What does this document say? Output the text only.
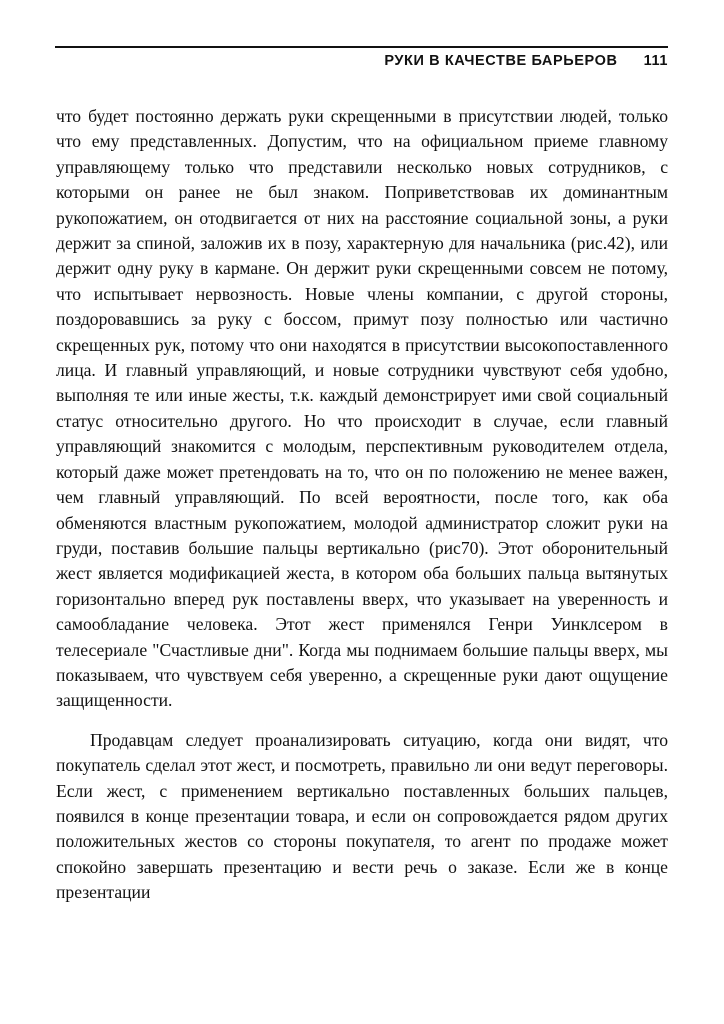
РУКИ В КАЧЕСТВЕ БАРЬЕРОВ 111

что будет постоянно держать руки скрещенными в присутствии людей, только что ему представленных. Допустим, что на официальном приеме главному управляющему только что представили несколько новых сотрудников, с которыми он ранее не был знаком. Поприветствовав их доминантным рукопожатием, он отодвигается от них на расстояние социальной зоны, а руки держит за спиной, заложив их в позу, характерную для начальника (рис.42), или держит одну руку в кармане. Он держит руки скрещенными совсем не потому, что испытывает нервозность. Новые члены компании, с другой стороны, поздоровавшись за руку с боссом, примут позу полностью или частично скрещенных рук, потому что они находятся в присутствии высокопоставленного лица. И главный управляющий, и новые сотрудники чувствуют себя удобно, выполняя те или иные жесты, т.к. каждый демонстрирует ими свой социальный статус относительно другого. Но что происходит в случае, если главный управляющий знакомится с молодым, перспективным руководителем отдела, который даже может претендовать на то, что он по положению не менее важен, чем главный управляющий. По всей вероятности, после того, как оба обменяются властным рукопожатием, молодой администратор сложит руки на груди, поставив большие пальцы вертикально (рис70). Этот оборонительный жест является модификацией жеста, в котором оба больших пальца вытянутых горизонтально вперед рук поставлены вверх, что указывает на уверенность и самообладание человека. Этот жест применялся Генри Уинклсером в телесериале "Счастливые дни". Когда мы поднимаем большие пальцы вверх, мы показываем, что чувствуем себя уверенно, а скрещенные руки дают ощущение защищенности.

Продавцам следует проанализировать ситуацию, когда они видят, что покупатель сделал этот жест, и посмотреть, правильно ли они ведут переговоры. Если жест, с применением вертикально поставленных больших пальцев, появился в конце презентации товара, и если он сопровождается рядом других положительных жестов со стороны покупателя, то агент по продаже может спокойно завершать презентацию и вести речь о заказе. Если же в конце презентации
